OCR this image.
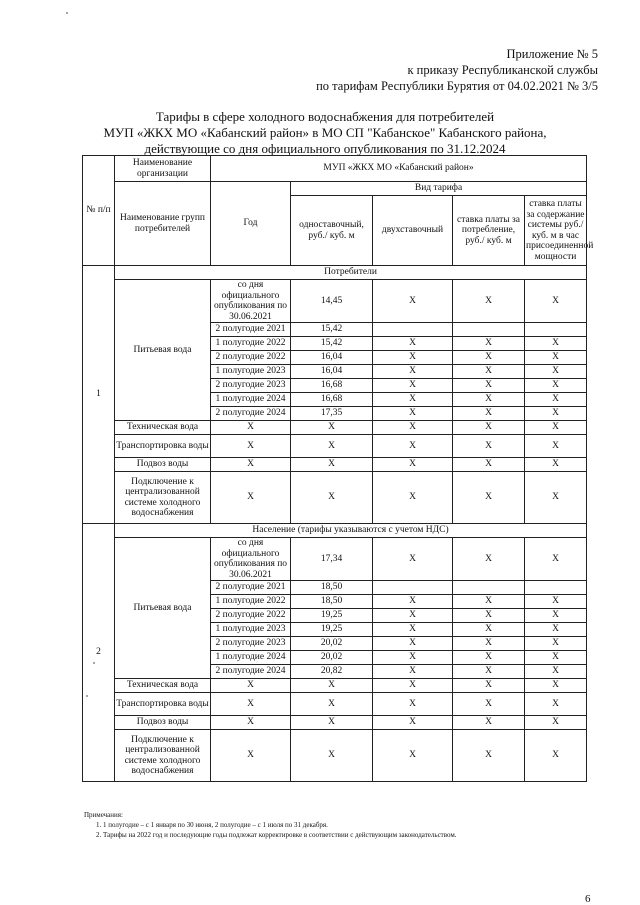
Приложение № 5
к приказу Республиканской службы
по тарифам Республики Бурятия от 04.02.2021 № 3/5
Тарифы в сфере холодного водоснабжения для потребителей
МУП «ЖКХ МО «Кабанский район» в МО СП "Кабанское" Кабанского района,
действующие со дня официального опубликования по 31.12.2024
№ п/п	Наименование организации	МУП «ЖКХ МО «Кабанский район»				
	Наименование групп потребителей	Год	Вид тарифа			
			одноставочный, руб./ куб. м	двухставочный	ставка платы за потребление, руб./ куб. м	ставка платы за содержание системы руб./куб. м в час присоединенной мощности

1	Потребители					
	Питьевая вода	со дня официального опубликования по 30.06.2021	14,45	X	X	X
		2 полугодие 2021	15,42			
		1 полугодие 2022	15,42	X	X	X
		2 полугодие 2022	16,04	X	X	X
		1 полугодие 2023	16,04	X	X	X
		2 полугодие 2023	16,68	X	X	X
		1 полугодие 2024	16,68	X	X	X
		2 полугодие 2024	17,35	X	X	X
	Техническая вода	X	X	X	X	X
	Транспортировка воды	X	X	X	X	X
	Подвоз воды	X	X	X	X	X
	Подключение к централизованной системе холодного водоснабжения	X	X	X	X	X
2	Население (тарифы указываются с учетом НДС)					
	Питьевая вода	со дня официального опубликования по 30.06.2021	17,34	X	X	X
		2 полугодие 2021	18,50			
		1 полугодие 2022	18,50	X	X	X
		2 полугодие 2022	19,25	X	X	X
		1 полугодие 2023	19,25	X	X	X
		2 полугодие 2023	20,02	X	X	X
		1 полугодие 2024	20,02	X	X	X
		2 полугодие 2024	20,82	X	X	X
	Техническая вода	X	X	X	X	X
	Транспортировка воды	X	X	X	X	X
	Подвоз воды	X	X	X	X	X
	Подключение к централизованной системе холодного водоснабжения	X	X	X	X	X
Примечания:
1. 1 полугодие – с 1 января по 30 июня, 2 полугодие – с 1 июля по 31 декабря.
2. Тарифы на 2022 год и последующие годы подлежат корректировке в соответствии с действующим законодательством.
6
